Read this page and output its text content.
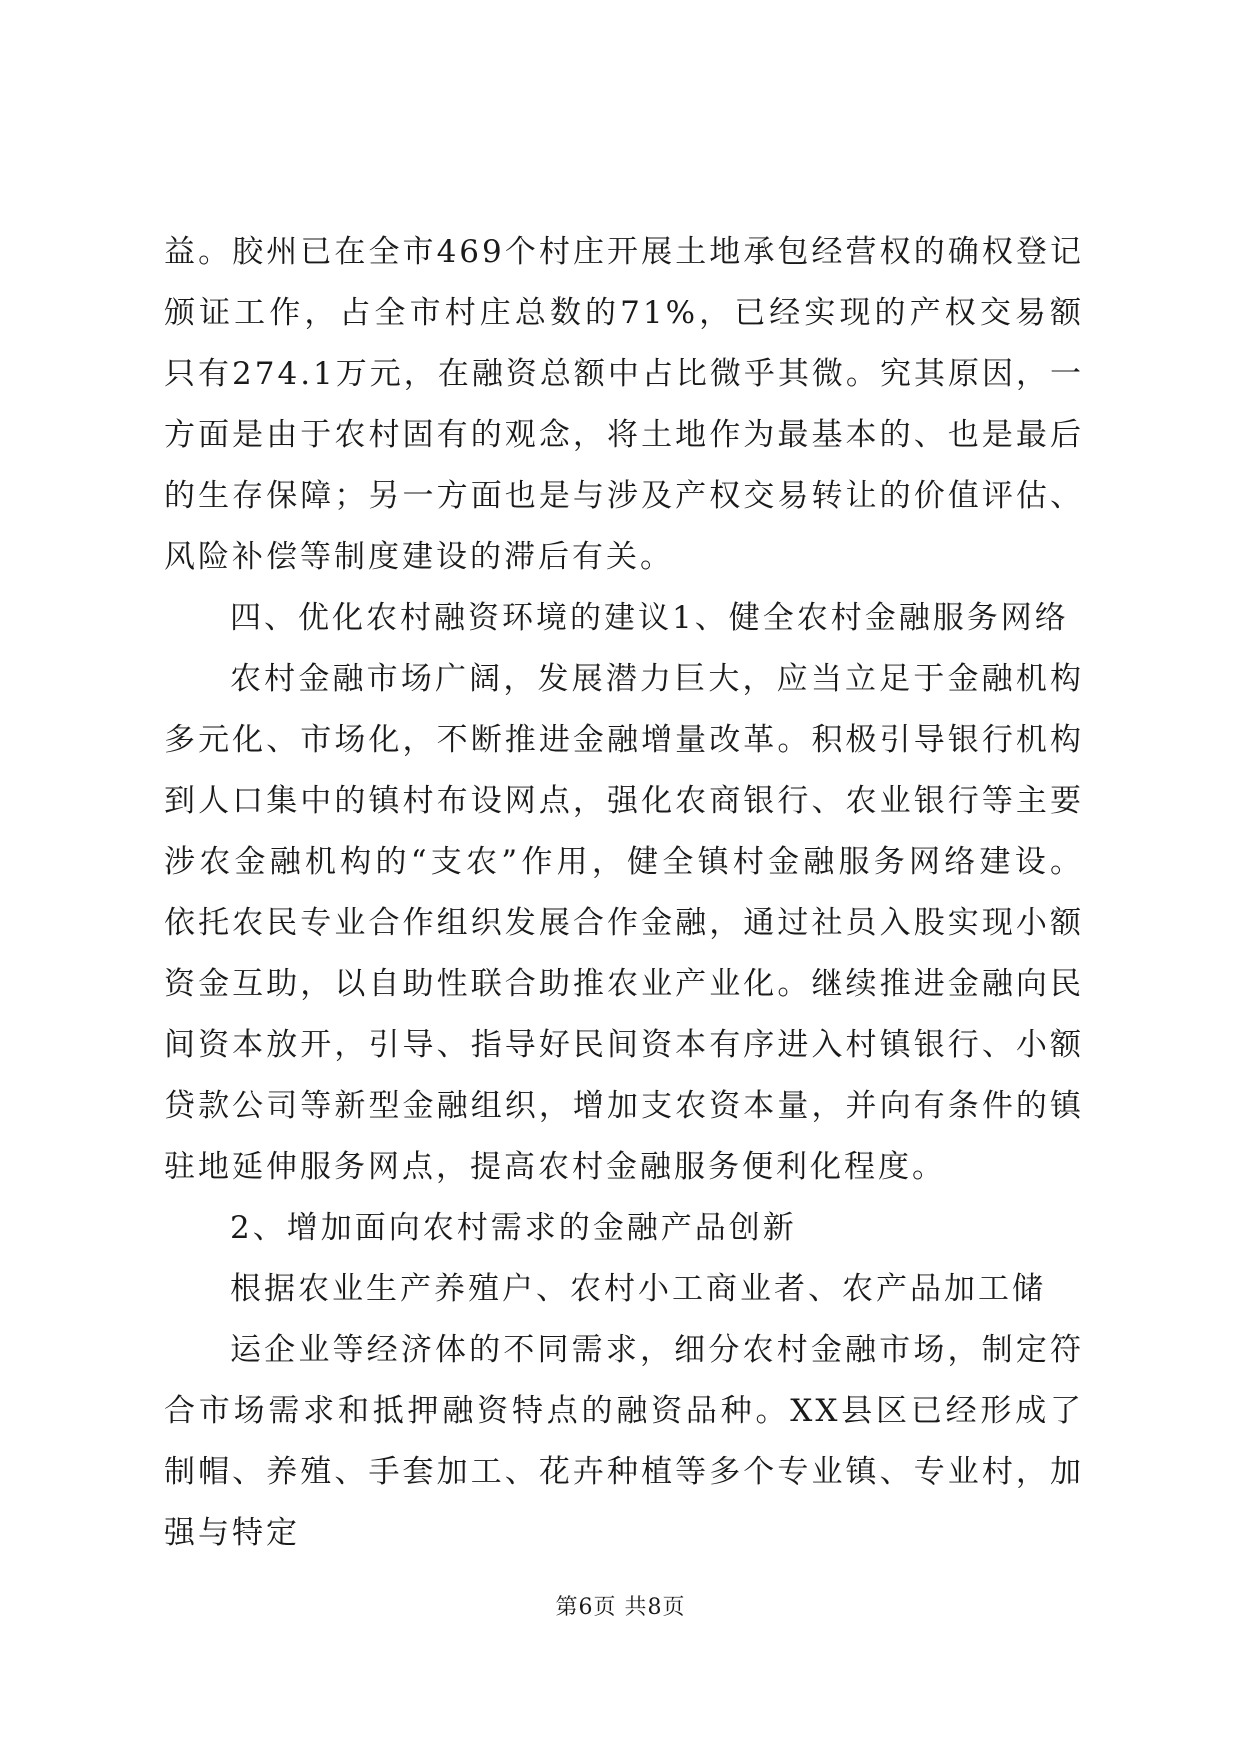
益。胶州已在全市469个村庄开展土地承包经营权的确权登记颁证工作，占全市村庄总数的71%，已经实现的产权交易额只有274.1万元，在融资总额中占比微乎其微。究其原因，一方面是由于农村固有的观念，将土地作为最基本的、也是最后的生存保障；另一方面也是与涉及产权交易转让的价值评估、风险补偿等制度建设的滞后有关。

四、优化农村融资环境的建议1、健全农村金融服务网络

农村金融市场广阔，发展潜力巨大，应当立足于金融机构多元化、市场化，不断推进金融增量改革。积极引导银行机构到人口集中的镇村布设网点，强化农商银行、农业银行等主要涉农金融机构的“支农”作用，健全镇村金融服务网络建设。依托农民专业合作组织发展合作金融，通过社员入股实现小额资金互助，以自助性联合助推农业产业化。继续推进金融向民间资本放开，引导、指导好民间资本有序进入村镇银行、小额贷款公司等新型金融组织，增加支农资本量，并向有条件的镇驻地延伸服务网点，提高农村金融服务便利化程度。

2、增加面向农村需求的金融产品创新

根据农业生产养殖户、农村小工商业者、农产品加工储

运企业等经济体的不同需求，细分农村金融市场，制定符合市场需求和抵押融资特点的融资品种。XX县区已经形成了制帽、养殖、手套加工、花卉种植等多个专业镇、专业村，加强与特定

第6页 共8页
